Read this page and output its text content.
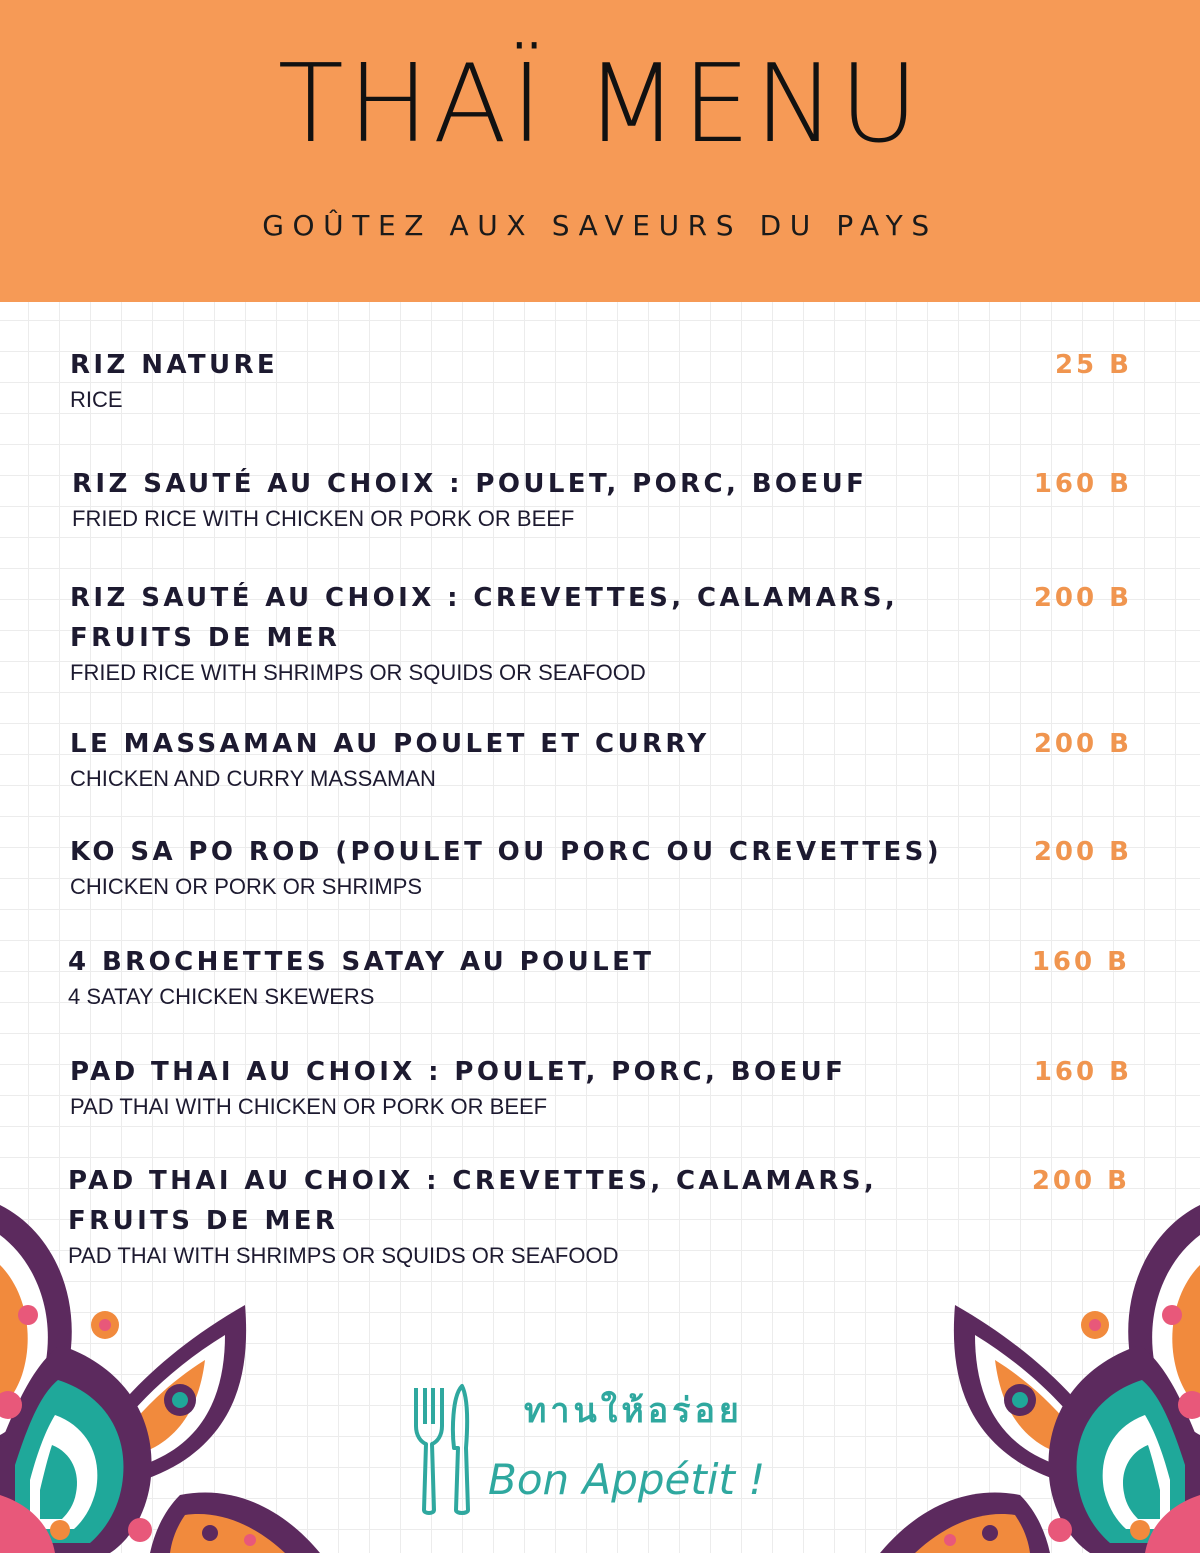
THAÏ MENU
GOÛTEZ AUX SAVEURS DU PAYS
RIZ NATURE
RICE
25 B
RIZ SAUTÉ AU CHOIX : POULET, PORC, BOEUF
FRIED RICE WITH CHICKEN OR PORK OR BEEF
160 B
RIZ SAUTÉ AU CHOIX : CREVETTES, CALAMARS, FRUITS DE MER
FRIED RICE WITH SHRIMPS OR SQUIDS OR SEAFOOD
200 B
LE MASSAMAN AU POULET ET CURRY
CHICKEN AND CURRY MASSAMAN
200 B
KO SA PO ROD (POULET OU PORC OU CREVETTES)
CHICKEN OR PORK OR SHRIMPS
200 B
4 BROCHETTES SATAY AU POULET
4 SATAY CHICKEN SKEWERS
160 B
PAD THAI AU CHOIX : POULET, PORC, BOEUF
PAD THAI WITH CHICKEN OR PORK OR BEEF
160 B
PAD THAI AU CHOIX : CREVETTES, CALAMARS, FRUITS DE MER
PAD THAI WITH SHRIMPS OR SQUIDS OR SEAFOOD
200 B
ทานให้อร่อย
Bon Appétit !
